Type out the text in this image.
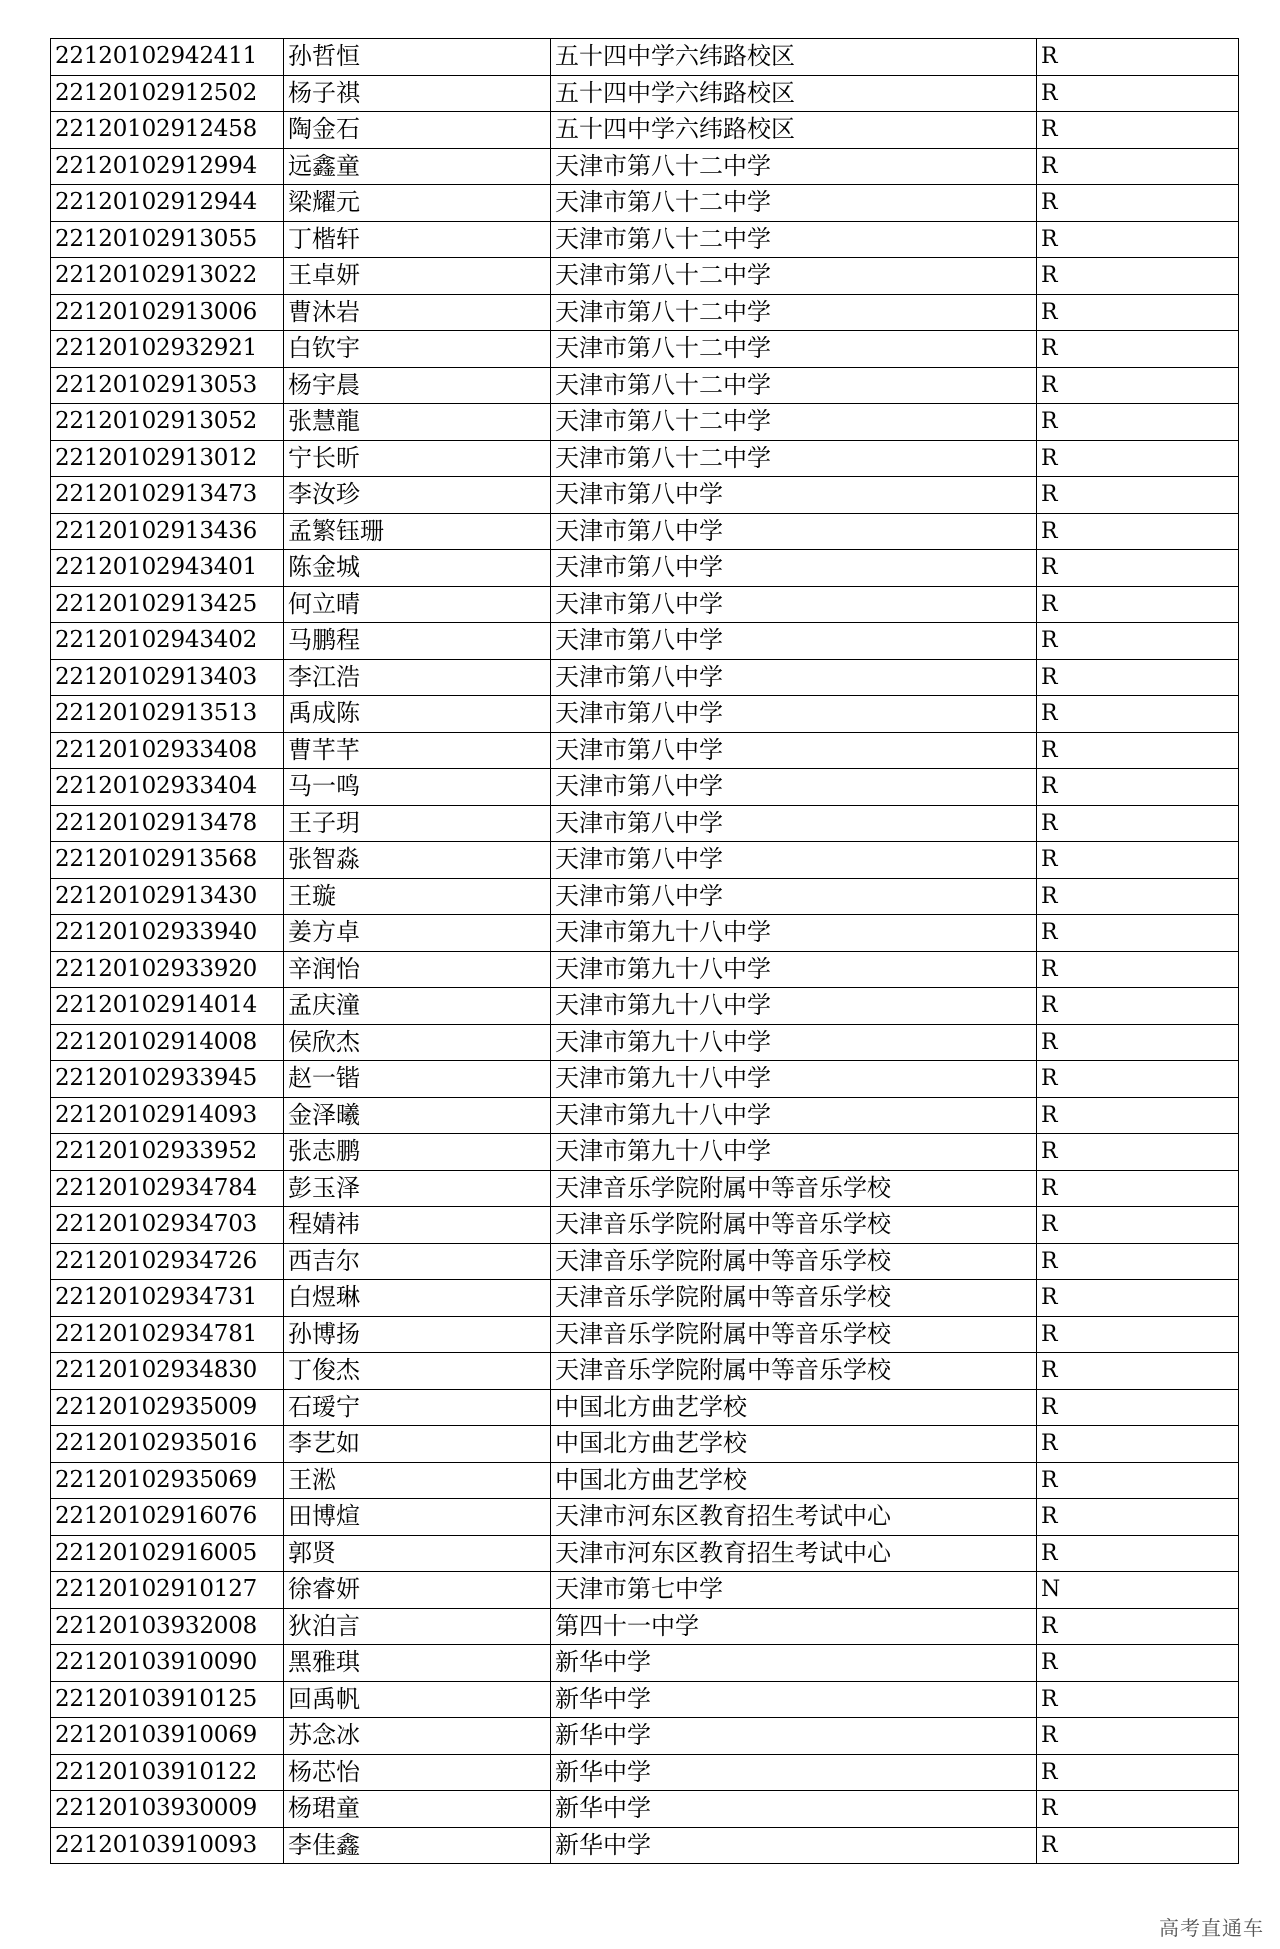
22120102942411	孙哲恒	五十四中学六纬路校区	R
22120102912502	杨子祺	五十四中学六纬路校区	R
22120102912458	陶金石	五十四中学六纬路校区	R
22120102912994	远鑫童	天津市第八十二中学	R
22120102912944	梁耀元	天津市第八十二中学	R
22120102913055	丁楷轩	天津市第八十二中学	R
22120102913022	王卓妍	天津市第八十二中学	R
22120102913006	曹沐岩	天津市第八十二中学	R
22120102932921	白钦宇	天津市第八十二中学	R
22120102913053	杨宇晨	天津市第八十二中学	R
22120102913052	张慧龍	天津市第八十二中学	R
22120102913012	宁长昕	天津市第八十二中学	R
22120102913473	李汝珍	天津市第八中学	R
22120102913436	孟繁钰珊	天津市第八中学	R
22120102943401	陈金城	天津市第八中学	R
22120102913425	何立晴	天津市第八中学	R
22120102943402	马鹏程	天津市第八中学	R
22120102913403	李江浩	天津市第八中学	R
22120102913513	禹成陈	天津市第八中学	R
22120102933408	曹芊芊	天津市第八中学	R
22120102933404	马一鸣	天津市第八中学	R
22120102913478	王子玥	天津市第八中学	R
22120102913568	张智淼	天津市第八中学	R
22120102913430	王璇	天津市第八中学	R
22120102933940	姜方卓	天津市第九十八中学	R
22120102933920	辛润怡	天津市第九十八中学	R
22120102914014	孟庆潼	天津市第九十八中学	R
22120102914008	侯欣杰	天津市第九十八中学	R
22120102933945	赵一锴	天津市第九十八中学	R
22120102914093	金泽曦	天津市第九十八中学	R
22120102933952	张志鹏	天津市第九十八中学	R
22120102934784	彭玉泽	天津音乐学院附属中等音乐学校	R
22120102934703	程婧祎	天津音乐学院附属中等音乐学校	R
22120102934726	西吉尔	天津音乐学院附属中等音乐学校	R
22120102934731	白煜琳	天津音乐学院附属中等音乐学校	R
22120102934781	孙博扬	天津音乐学院附属中等音乐学校	R
22120102934830	丁俊杰	天津音乐学院附属中等音乐学校	R
22120102935009	石瑷宁	中国北方曲艺学校	R
22120102935016	李艺如	中国北方曲艺学校	R
22120102935069	王淞	中国北方曲艺学校	R
22120102916076	田博煊	天津市河东区教育招生考试中心	R
22120102916005	郭贤	天津市河东区教育招生考试中心	R
22120102910127	徐睿妍	天津市第七中学	N
22120103932008	狄泊言	第四十一中学	R
22120103910090	黑雅琪	新华中学	R
22120103910125	回禹帆	新华中学	R
22120103910069	苏念冰	新华中学	R
22120103910122	杨芯怡	新华中学	R
22120103930009	杨珺童	新华中学	R
22120103910093	李佳鑫	新华中学	R
高考直通车
